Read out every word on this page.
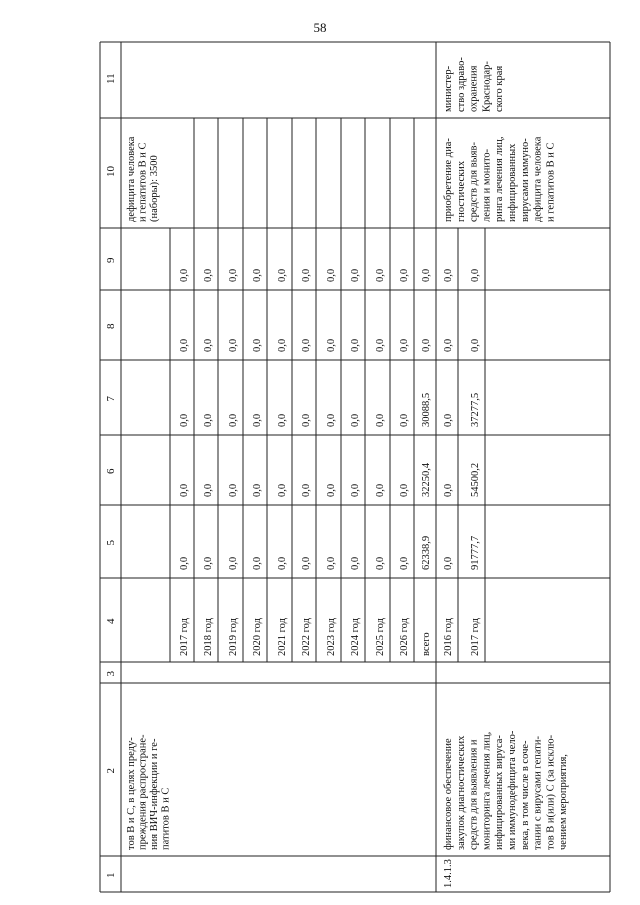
58
1
2
3
4
5
6
7
8
9
10
11
тов В и С, в целях преду- преждения распростране- ния ВИЧ-инфекции и ге- патитов В и С
дефицита человека и гепатитов В и С (наборы): 3500
2017 год
0,0
0,0
0,0
0,0
0,0
2018 год
0,0
0,0
0,0
0,0
0,0
2019 год
0,0
0,0
0,0
0,0
0,0
2020 год
0,0
0,0
0,0
0,0
0,0
2021 год
0,0
0,0
0,0
0,0
0,0
2022 год
0,0
0,0
0,0
0,0
0,0
2023 год
0,0
0,0
0,0
0,0
0,0
2024 год
0,0
0,0
0,0
0,0
0,0
2025 год
0,0
0,0
0,0
0,0
0,0
2026 год
0,0
0,0
0,0
0,0
0,0
всего
62338,9
32250,4
30088,5
0,0
0,0
1.4.1.3
финансовое обеспечение закупок диагностических средств для выявления и мониторинга лечения лиц, инфицированных вируса- ми иммунодефицита чело- века, в том числе в соче- тании с вирусами гепати- тов В и(или) С (за исклю- чением мероприятия,
2016 год
0,0
0,0
0,0
0,0
0,0
2017 год
91777,7
54500,2
37277,5
0,0
0,0
приобретение диа- гностических средств для выяв- ления и монито- ринга лечения лиц, инфицированных вирусами иммуно- дефицита человека и гепатитов В и С
министер- ство здраво- охранения Краснодар- ского края
